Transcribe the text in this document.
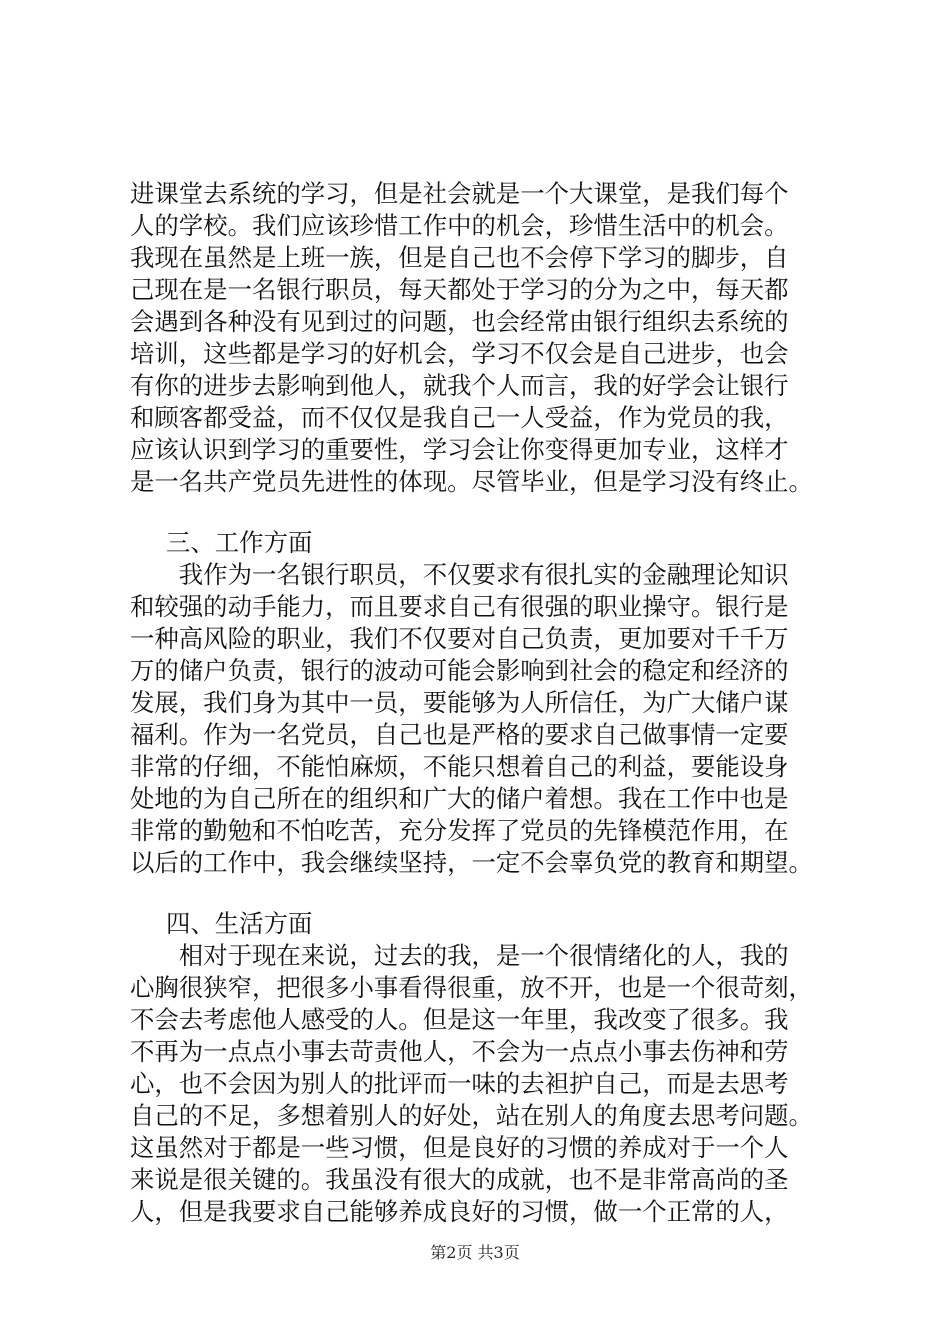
进课堂去系统的学习，但是社会就是一个大课堂，是我们每个
人的学校。我们应该珍惜工作中的机会，珍惜生活中的机会。
我现在虽然是上班一族，但是自己也不会停下学习的脚步，自
己现在是一名银行职员，每天都处于学习的分为之中，每天都
会遇到各种没有见到过的问题，也会经常由银行组织去系统的
培训，这些都是学习的好机会，学习不仅会是自己进步，也会
有你的进步去影响到他人，就我个人而言，我的好学会让银行
和顾客都受益，而不仅仅是我自己一人受益，作为党员的我，
应该认识到学习的重要性，学习会让你变得更加专业，这样才
是一名共产党员先进性的体现。尽管毕业，但是学习没有终止。
三、工作方面
　　我作为一名银行职员，不仅要求有很扎实的金融理论知识
和较强的动手能力，而且要求自己有很强的职业操守。银行是
一种高风险的职业，我们不仅要对自己负责，更加要对千千万
万的储户负责，银行的波动可能会影响到社会的稳定和经济的
发展，我们身为其中一员，要能够为人所信任，为广大储户谋
福利。作为一名党员，自己也是严格的要求自己做事情一定要
非常的仔细，不能怕麻烦，不能只想着自己的利益，要能设身
处地的为自己所在的组织和广大的储户着想。我在工作中也是
非常的勤勉和不怕吃苦，充分发挥了党员的先锋模范作用，在
以后的工作中，我会继续坚持，一定不会辜负党的教育和期望。
四、生活方面
　　相对于现在来说，过去的我，是一个很情绪化的人，我的
心胸很狭窄，把很多小事看得很重，放不开，也是一个很苛刻，
不会去考虑他人感受的人。但是这一年里，我改变了很多。我
不再为一点点小事去苛责他人，不会为一点点小事去伤神和劳
心，也不会因为别人的批评而一味的去袒护自己，而是去思考
自己的不足，多想着别人的好处，站在别人的角度去思考问题。
这虽然对于都是一些习惯，但是良好的习惯的养成对于一个人
来说是很关键的。我虽没有很大的成就，也不是非常高尚的圣
人，但是我要求自己能够养成良好的习惯，做一个正常的人，
第2页 共3页
